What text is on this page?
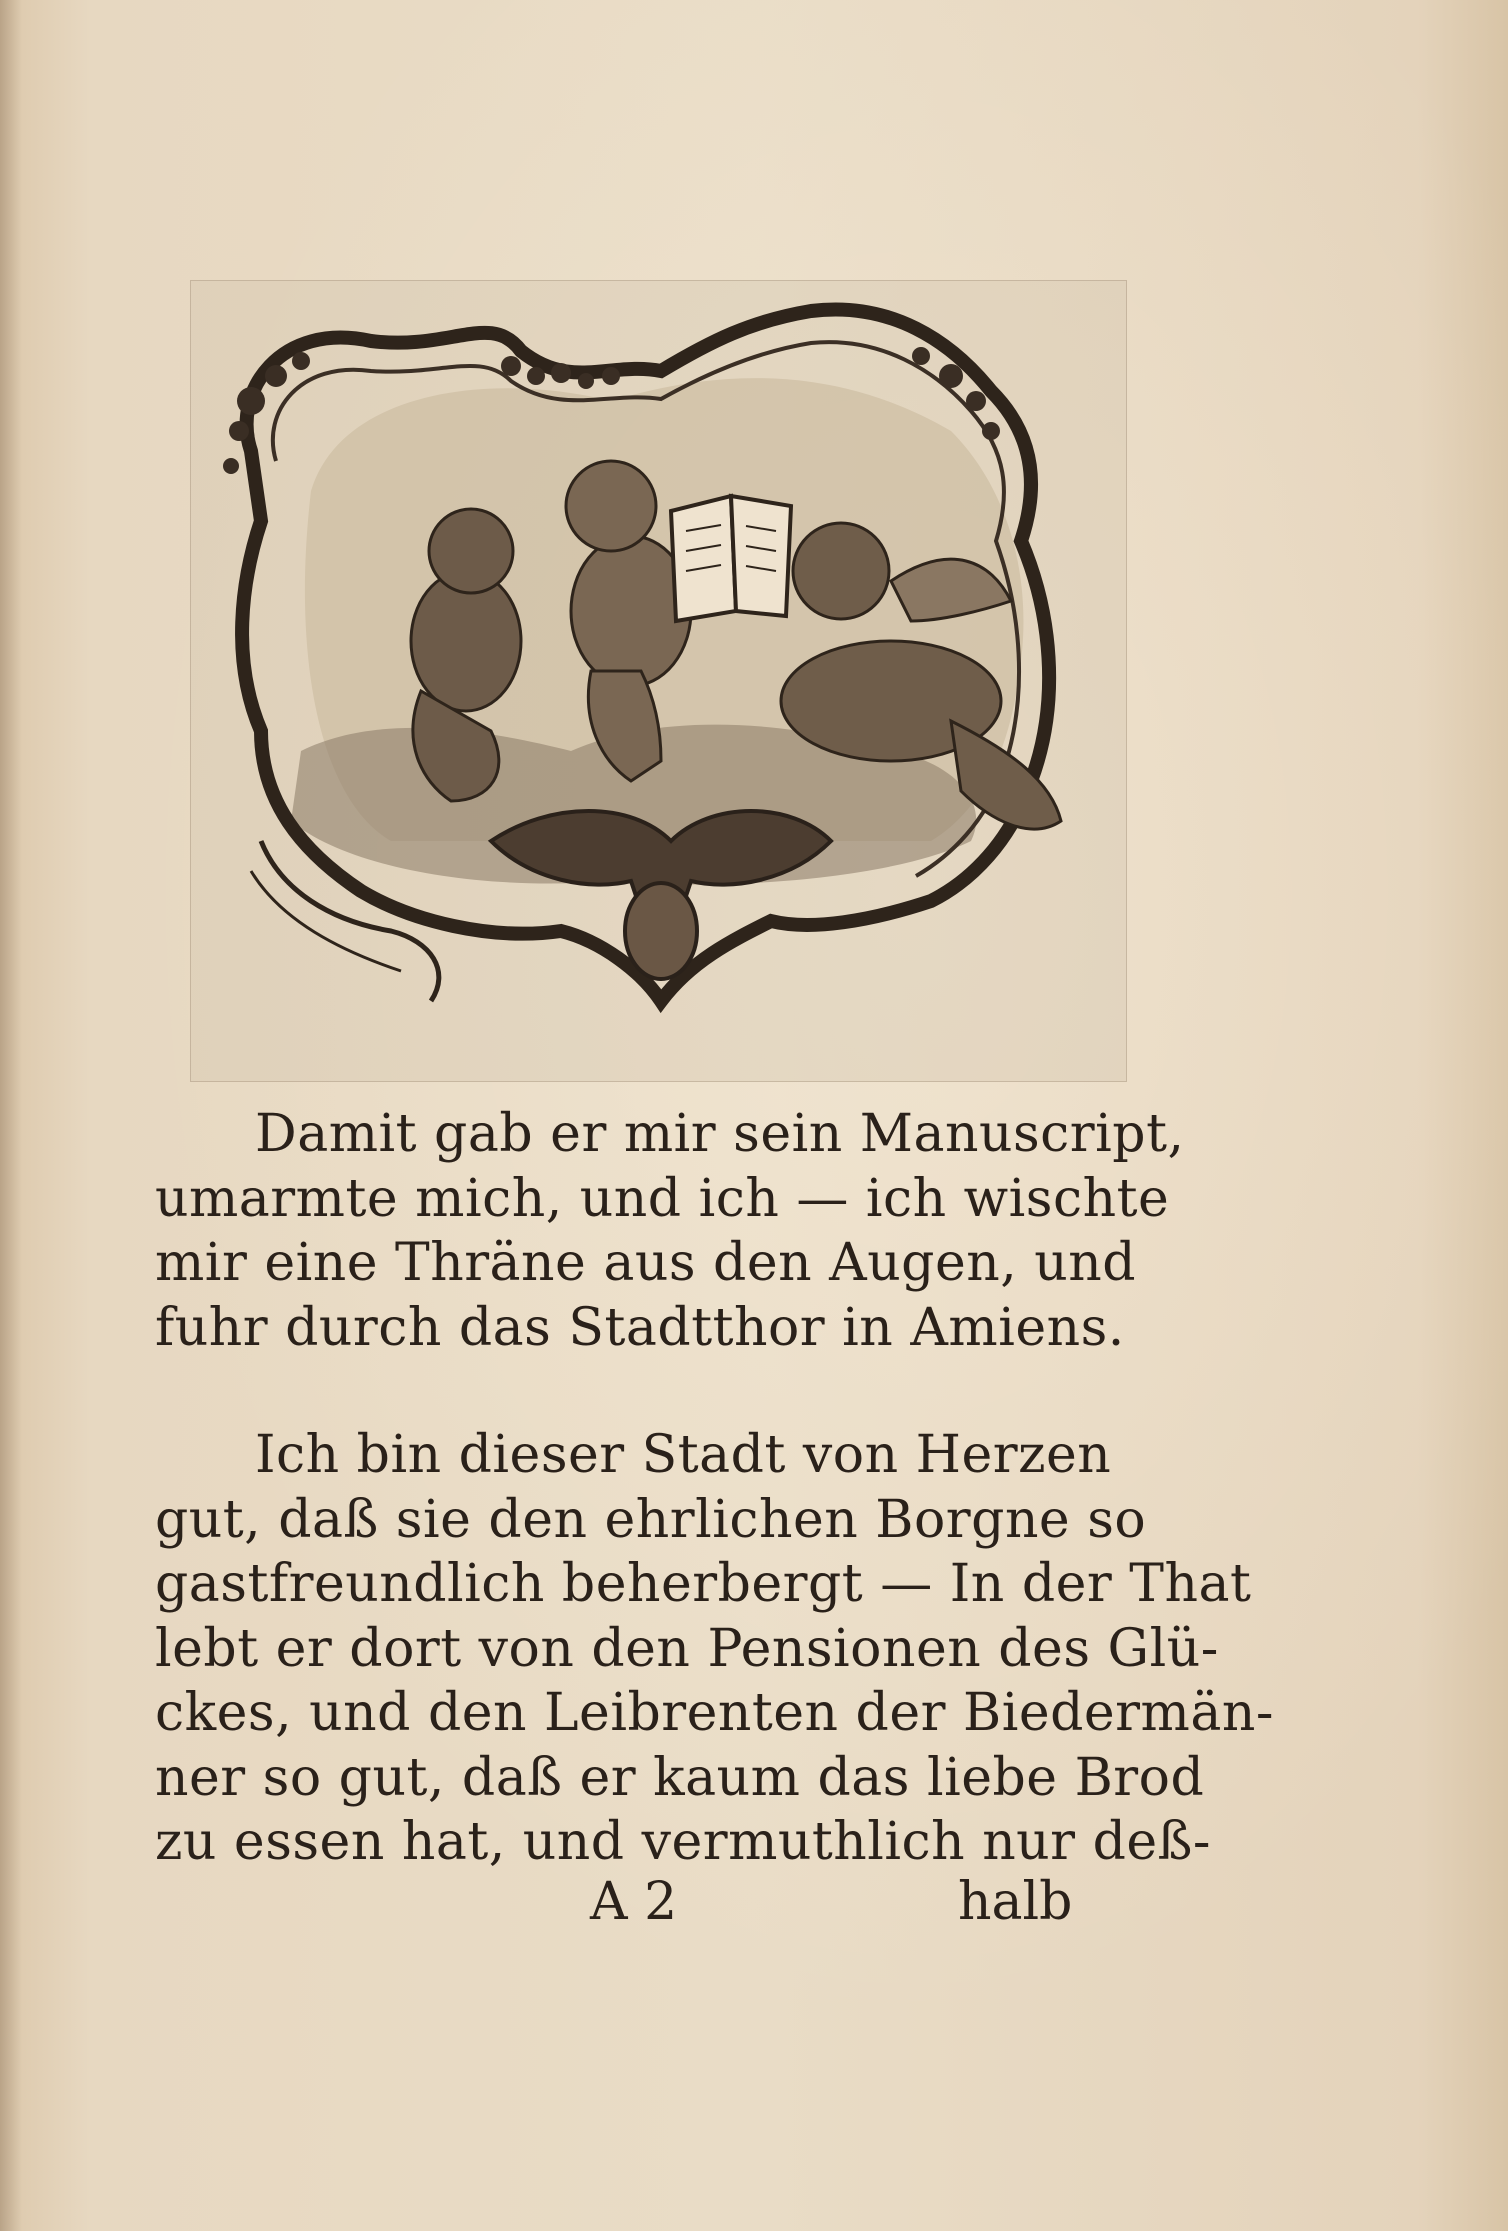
Damit gab er mir sein Manuscript,
umarmte mich, und ich — ich wischte
mir eine Thräne aus den Augen, und
fuhr durch das Stadtthor in Amiens.
Ich bin dieser Stadt von Herzen
gut, daß sie den ehrlichen Borgne so
gastfreundlich beherbergt — In der That
lebt er dort von den Pensionen des Glü-
ckes, und den Leibrenten der Biedermän-
ner so gut, daß er kaum das liebe Brod
zu essen hat, und vermuthlich nur deß-
A 2	halb
